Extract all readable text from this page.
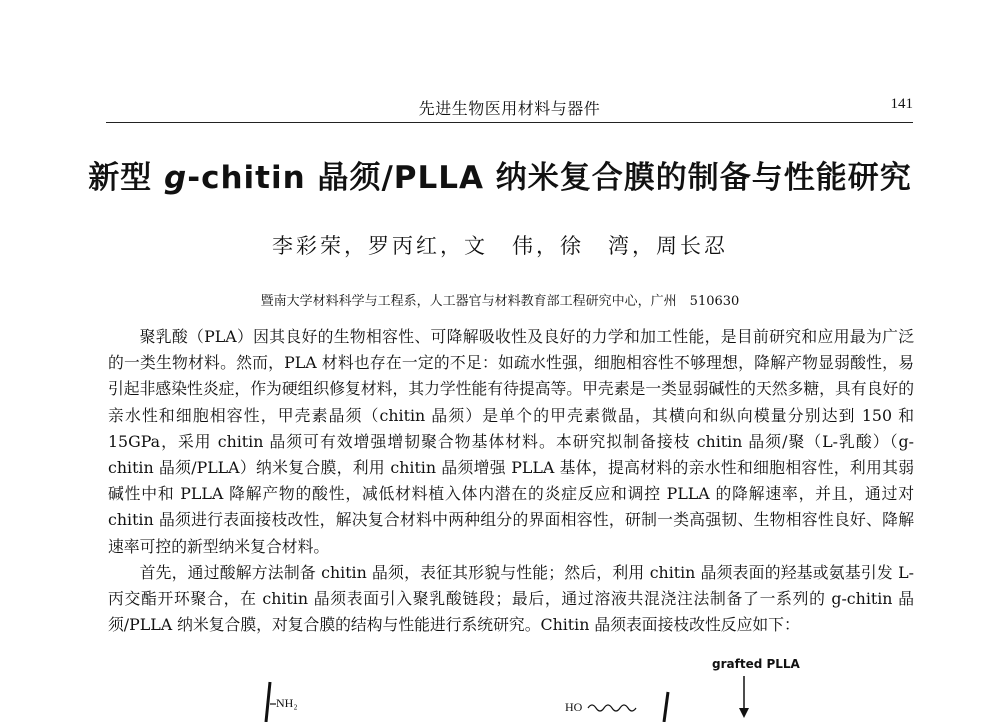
先进生物医用材料与器件	141
新型 g-chitin 晶须/PLLA 纳米复合膜的制备与性能研究
李彩荣，罗丙红，文　伟，徐　湾，周长忍
暨南大学材料科学与工程系，人工器官与材料教育部工程研究中心，广州　510630

聚乳酸（PLA）因其良好的生物相容性、可降解吸收性及良好的力学和加工性能，是目前研究和应用最为广泛的一类生物材料。然而，PLA 材料也存在一定的不足：如疏水性强，细胞相容性不够理想，降解产物显弱酸性，易引起非感染性炎症，作为硬组织修复材料，其力学性能有待提高等。甲壳素是一类显弱碱性的天然多糖，具有良好的亲水性和细胞相容性，甲壳素晶须（chitin 晶须）是单个的甲壳素微晶，其横向和纵向模量分别达到 150 和 15GPa，采用 chitin 晶须可有效增强增韧聚合物基体材料。本研究拟制备接枝 chitin 晶须/聚（L-乳酸）（g-chitin 晶须/PLLA）纳米复合膜，利用 chitin 晶须增强 PLLA 基体，提高材料的亲水性和细胞相容性，利用其弱碱性中和 PLLA 降解产物的酸性，减低材料植入体内潜在的炎症反应和调控 PLLA 的降解速率，并且，通过对 chitin 晶须进行表面接枝改性，解决复合材料中两种组分的界面相容性，研制一类高强韧、生物相容性良好、降解速率可控的新型纳米复合材料。

首先，通过酸解方法制备 chitin 晶须，表征其形貌与性能；然后，利用 chitin 晶须表面的羟基或氨基引发 L-丙交酯开环聚合，在 chitin 晶须表面引入聚乳酸链段；最后，通过溶液共混浇注法制备了一系列的 g-chitin 晶须/PLLA 纳米复合膜，对复合膜的结构与性能进行系统研究。Chitin 晶须表面接枝改性反应如下：

grafted PLLA
NH₂	HO
